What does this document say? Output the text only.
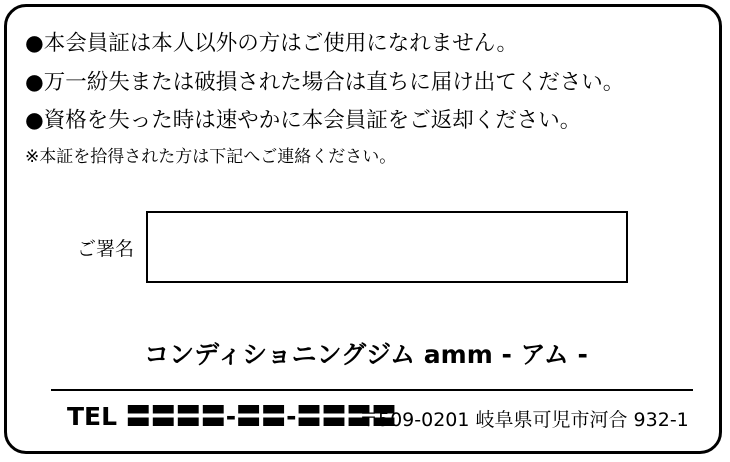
●本会員証は本人以外の方はご使用になれません。
●万一紛失または破損された場合は直ちに届け出てください。
●資格を失った時は速やかに本会員証をご返却ください。
※本証を拾得された方は下記へご連絡ください。
ご署名
コンディショニングジム amm - アム -
TEL 〓〓〓〓-〓〓-〓〓〓〓
〒509-0201 岐阜県可児市河合 932-1
